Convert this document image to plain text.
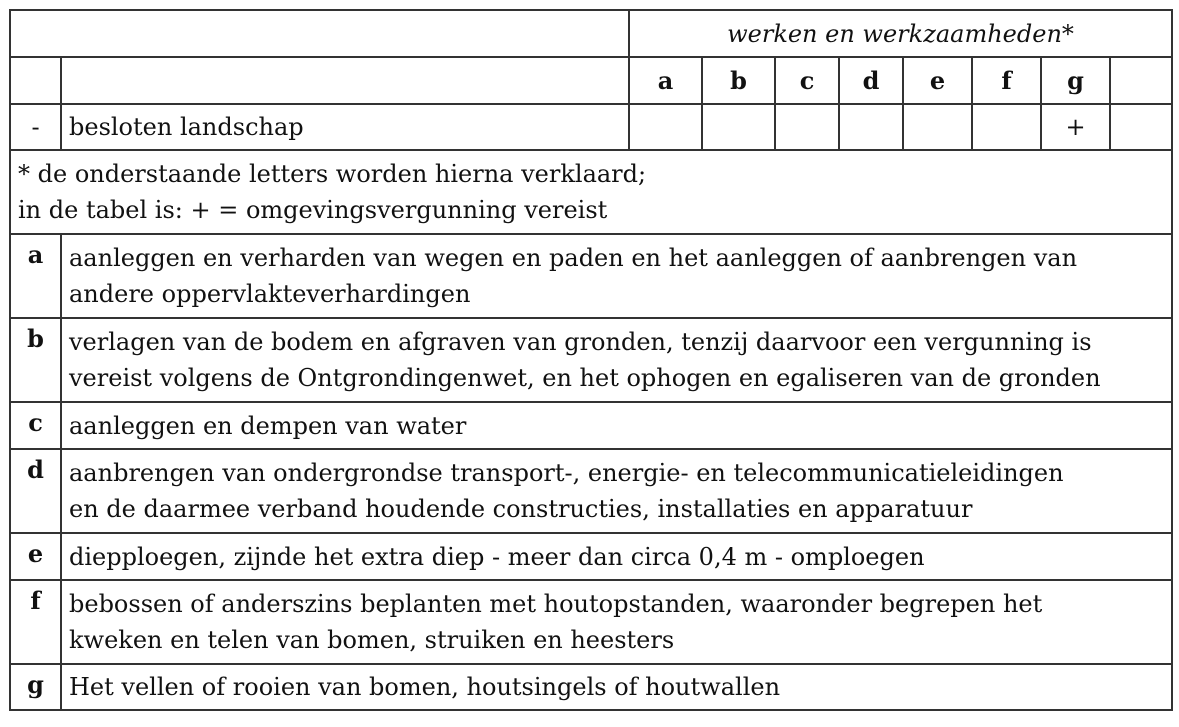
		werken en werkzaamheden*							
		a	b	c	d	e	f	g	
-	besloten landschap							+	

* de onderstaande letters worden hierna verklaard;
in de tabel is: + = omgevingsvergunning vereist									

a	aanleggen en verharden van wegen en paden en het aanleggen of aanbrengen van
andere oppervlakteverhardingen								

b	verlagen van de bodem en afgraven van gronden, tenzij daarvoor een vergunning is
vereist volgens de Ontgrondingenwet, en het ophogen en egaliseren van de gronden								

c	aanleggen en dempen van water								

d	aanbrengen van ondergrondse transport-, energie- en telecommunicatieleidingen
en de daarmee verband houdende constructies, installaties en apparatuur								

e	diepploegen, zijnde het extra diep - meer dan circa 0,4 m - omploegen								

f	bebossen of anderszins beplanten met houtopstanden, waaronder begrepen het
kweken en telen van bomen, struiken en heesters								

g	Het vellen of rooien van bomen, houtsingels of houtwallen								
